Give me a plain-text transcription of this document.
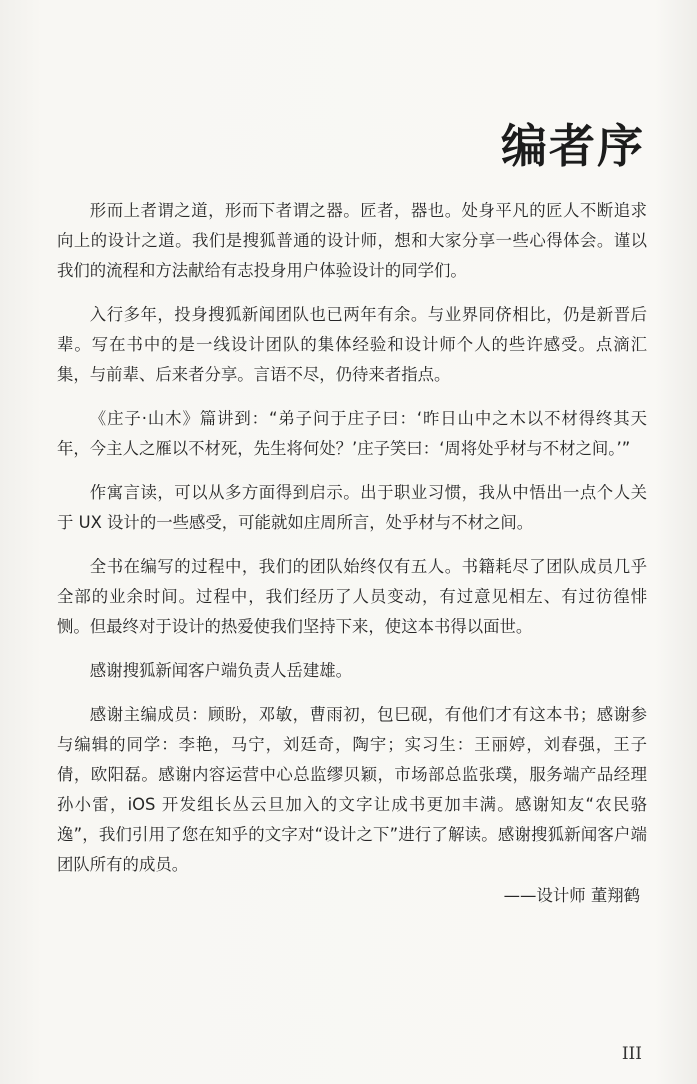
编者序

形而上者谓之道，形而下者谓之器。匠者，器也。处身平凡的匠人不断追求向上的设计之道。我们是搜狐普通的设计师，想和大家分享一些心得体会。谨以我们的流程和方法献给有志投身用户体验设计的同学们。

入行多年，投身搜狐新闻团队也已两年有余。与业界同侪相比，仍是新晋后辈。写在书中的是一线设计团队的集体经验和设计师个人的些许感受。点滴汇集，与前辈、后来者分享。言语不尽，仍待来者指点。

《庄子·山木》篇讲到：“弟子问于庄子曰：‘昨日山中之木以不材得终其天年，今主人之雁以不材死，先生将何处？’庄子笑曰：‘周将处乎材与不材之间。’”

作寓言读，可以从多方面得到启示。出于职业习惯，我从中悟出一点个人关于 UX 设计的一些感受，可能就如庄周所言，处乎材与不材之间。

全书在编写的过程中，我们的团队始终仅有五人。书籍耗尽了团队成员几乎全部的业余时间。过程中，我们经历了人员变动，有过意见相左、有过彷徨悱恻。但最终对于设计的热爱使我们坚持下来，使这本书得以面世。

感谢搜狐新闻客户端负责人岳建雄。

感谢主编成员：顾盼，邓敏，曹雨初，包巳砚，有他们才有这本书；感谢参与编辑的同学：李艳，马宁，刘廷奇，陶宇；实习生：王丽婷，刘春强，王子倩，欧阳磊。感谢内容运营中心总监缪贝颖，市场部总监张璞，服务端产品经理孙小雷，iOS 开发组长丛云旦加入的文字让成书更加丰满。感谢知友“农民骆逸”，我们引用了您在知乎的文字对“设计之下”进行了解读。感谢搜狐新闻客户端团队所有的成员。

——设计师 董翔鹤
III
